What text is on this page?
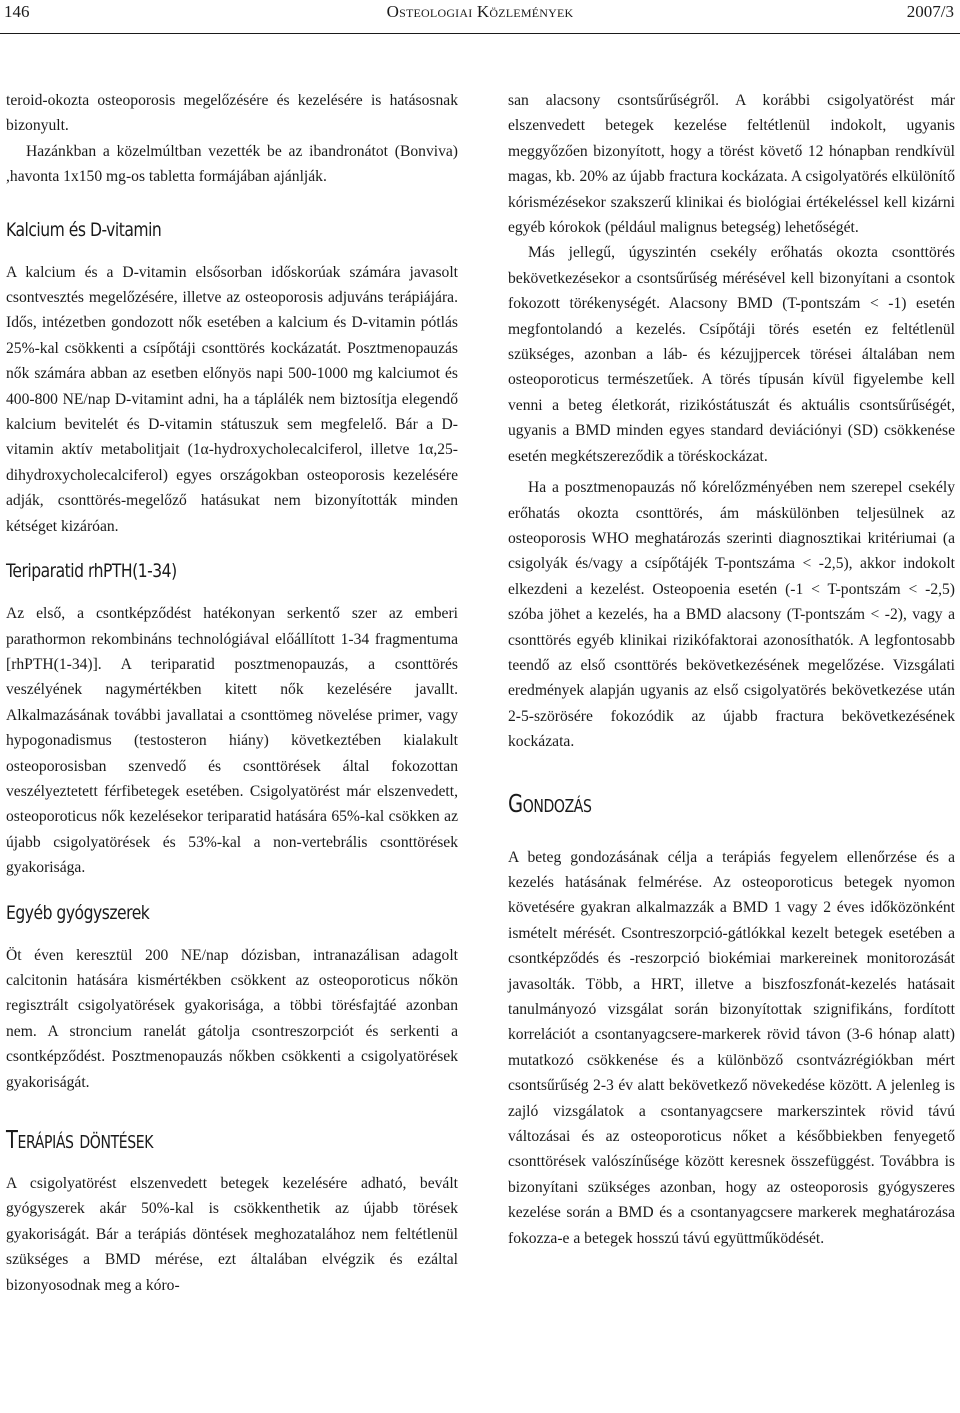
146	Osteologiai Közlemények	2007/3

teroid-okozta osteoporosis megelőzésére és kezelésére is hatásosnak bizonyult.

Hazánkban a közelmúltban vezették be az ibandronátot (Bonviva) ,havonta 1x150 mg-os tabletta formájában ajánlják.

Kalcium és D-vitamin

A kalcium és a D-vitamin elsősorban időskorúak számára javasolt csontvesztés megelőzésére, illetve az osteoporosis adjuváns terápiájára. Idős, intézetben gondozott nők esetében a kalcium és D-vitamin pótlás 25%-kal csökkenti a csípőtáji csonttörés kockázatát. Posztmenopauzás nők számára abban az esetben előnyös napi 500-1000 mg kalciumot és 400-800 NE/nap D-vitamint adni, ha a táplálék nem biztosítja elegendő kalcium bevitelét és D-vitamin státuszuk sem megfelelő. Bár a D-vitamin aktív metabolitjait (1α-hydroxycholecalciferol, illetve 1α,25-dihydroxycholecalciferol) egyes országokban osteoporosis kezelésére adják, csonttörés-megelőző hatásukat nem bizonyították minden kétséget kizáróan.

Teriparatid rhPTH(1-34)

Az első, a csontképződést hatékonyan serkentő szer az emberi parathormon rekombináns technológiával előállított 1-34 fragmentuma [rhPTH(1-34)]. A teriparatid posztmenopauzás, a csonttörés veszélyének nagymértékben kitett nők kezelésére javallt. Alkalmazásának további javallatai a csonttömeg növelése primer, vagy hypogonadismus (testosteron hiány) következtében kialakult osteoporosisban szenvedő és csonttörések által fokozottan veszélyeztetett férfibetegek esetében. Csigolyatörést már elszenvedett, osteoporoticus nők kezelésekor teriparatid hatására 65%-kal csökken az újabb csigolyatörések és 53%-kal a non-vertebrális csonttörések gyakorisága.

Egyéb gyógyszerek

Öt éven keresztül 200 NE/nap dózisban, intranazálisan adagolt calcitonin hatására kismértékben csökkent az osteoporoticus nőkön regisztrált csigolyatörések gyakorisága, a többi törésfajtáé azonban nem. A stroncium ranelát gátolja csontreszorpciót és serkenti a csontképződést. Posztmenopauzás nőkben csökkenti a csigolyatörések gyakoriságát.

Terápiás döntések

A csigolyatörést elszenvedett betegek kezelésére adható, bevált gyógyszerek akár 50%-kal is csökkenthetik az újabb törések gyakoriságát. Bár a terápiás döntések meghozatalához nem feltétlenül szükséges a BMD mérése, ezt általában elvégzik és ezáltal bizonyosodnak meg a kóro-

san alacsony csontsűrűségről. A korábbi csigolyatörést már elszenvedett betegek kezelése feltétlenül indokolt, ugyanis meggyőzően bizonyított, hogy a törést követő 12 hónapban rendkívül magas, kb. 20% az újabb fractura kockázata. A csigolyatörés elkülönítő kórismézésekor szakszerű klinikai és biológiai értékeléssel kell kizárni egyéb kórokok (például malignus betegség) lehetőségét.

Más jellegű, úgyszintén csekély erőhatás okozta csonttörés bekövetkezésekor a csontsűrűség mérésével kell bizonyítani a csontok fokozott törékenységét. Alacsony BMD (T-pontszám < -1) esetén megfontolandó a kezelés. Csípőtáji törés esetén ez feltétlenül szükséges, azonban a láb- és kézujjpercek törései általában nem osteoporoticus természetűek. A törés típusán kívül figyelembe kell venni a beteg életkorát, rizikóstátuszát és aktuális csontsűrűségét, ugyanis a BMD minden egyes standard deviációnyi (SD) csökkenése esetén megkétszereződik a töréskockázat.

Ha a posztmenopauzás nő kórelőzményében nem szerepel csekély erőhatás okozta csonttörés, ám máskülönben teljesülnek az osteoporosis WHO meghatározás szerinti diagnosztikai kritériumai (a csigolyák és/vagy a csípőtájék T-pontszáma < -2,5), akkor indokolt elkezdeni a kezelést. Osteopoenia esetén (-1 < T-pontszám < -2,5) szóba jöhet a kezelés, ha a BMD alacsony (T-pontszám < -2), vagy a csonttörés egyéb klinikai rizikófaktorai azonosíthatók. A legfontosabb teendő az első csonttörés bekövetkezésének megelőzése. Vizsgálati eredmények alapján ugyanis az első csigolyatörés bekövetkezése után 2-5-szörösére fokozódik az újabb fractura bekövetkezésének kockázata.

Gondozás

A beteg gondozásának célja a terápiás fegyelem ellenőrzése és a kezelés hatásának felmérése. Az osteoporoticus betegek nyomon követésére gyakran alkalmazzák a BMD 1 vagy 2 éves időközönként ismételt mérését. Csontreszorpció-gátlókkal kezelt betegek esetében a csontképződés és -reszorpció biokémiai markereinek monitorozását javasolták. Több, a HRT, illetve a biszfoszfonát-kezelés hatásait tanulmányozó vizsgálat során bizonyítottak szignifikáns, fordított korrelációt a csontanyagcsere-markerek rövid távon (3-6 hónap alatt) mutatkozó csökkenése és a különböző csontvázrégiókban mért csontsűrűség 2-3 év alatt bekövetkező növekedése között. A jelenleg is zajló vizsgálatok a csontanyagcsere markerszintek rövid távú változásai és az osteoporoticus nőket a későbbiekben fenyegető csonttörések valószínűsége között keresnek összefüggést. Továbbra is bizonyítani szükséges azonban, hogy az osteoporosis gyógyszeres kezelése során a BMD és a csontanyagcsere markerek meghatározása fokozza-e a betegek hosszú távú együttműködését.
